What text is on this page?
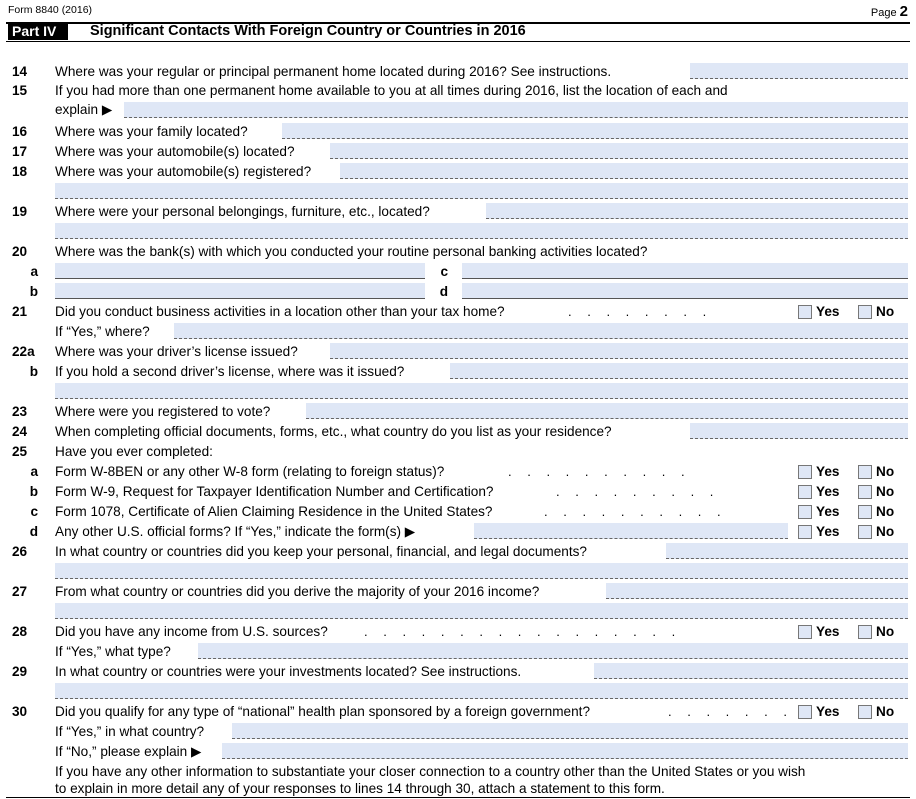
Form 8840 (2016)	Page 2
Part IV	Significant Contacts With Foreign Country or Countries in 2016
14 Where was your regular or principal permanent home located during 2016? See instructions.
15 If you had more than one permanent home available to you at all times during 2016, list the location of each and
explain ▶
16 Where was your family located?
17 Where was your automobile(s) located?
18 Where was your automobile(s) registered?
19 Where were your personal belongings, furniture, etc., located?
20 Where was the bank(s) with which you conducted your routine personal banking activities located?
a	c
b	d
21 Did you conduct business activities in a location other than your tax home?	. . . . . . . .	Yes	No
If “Yes,” where?
22a Where was your driver’s license issued?
b If you hold a second driver’s license, where was it issued?
23 Where were you registered to vote?
24 When completing official documents, forms, etc., what country do you list as your residence?
25 Have you ever completed:
a Form W-8BEN or any other W-8 form (relating to foreign status)?	. . . . . . . . . .	Yes	No
b Form W-9, Request for Taxpayer Identification Number and Certification?	. . . . . . . . .	Yes	No
c Form 1078, Certificate of Alien Claiming Residence in the United States?	. . . . . . . . . .	Yes	No
d Any other U.S. official forms? If “Yes,” indicate the form(s) ▶	Yes	No
26 In what country or countries did you keep your personal, financial, and legal documents?
27 From what country or countries did you derive the majority of your 2016 income?
28 Did you have any income from U.S. sources?	. . . . . . . . . . . . . . . . .	Yes	No
If “Yes,” what type?
29 In what country or countries were your investments located? See instructions.
30 Did you qualify for any type of “national” health plan sponsored by a foreign government?	. . . . . . . Yes	No
If “Yes,” in what country?
If “No,” please explain ▶
If you have any other information to substantiate your closer connection to a country other than the United States or you wish
to explain in more detail any of your responses to lines 14 through 30, attach a statement to this form.
